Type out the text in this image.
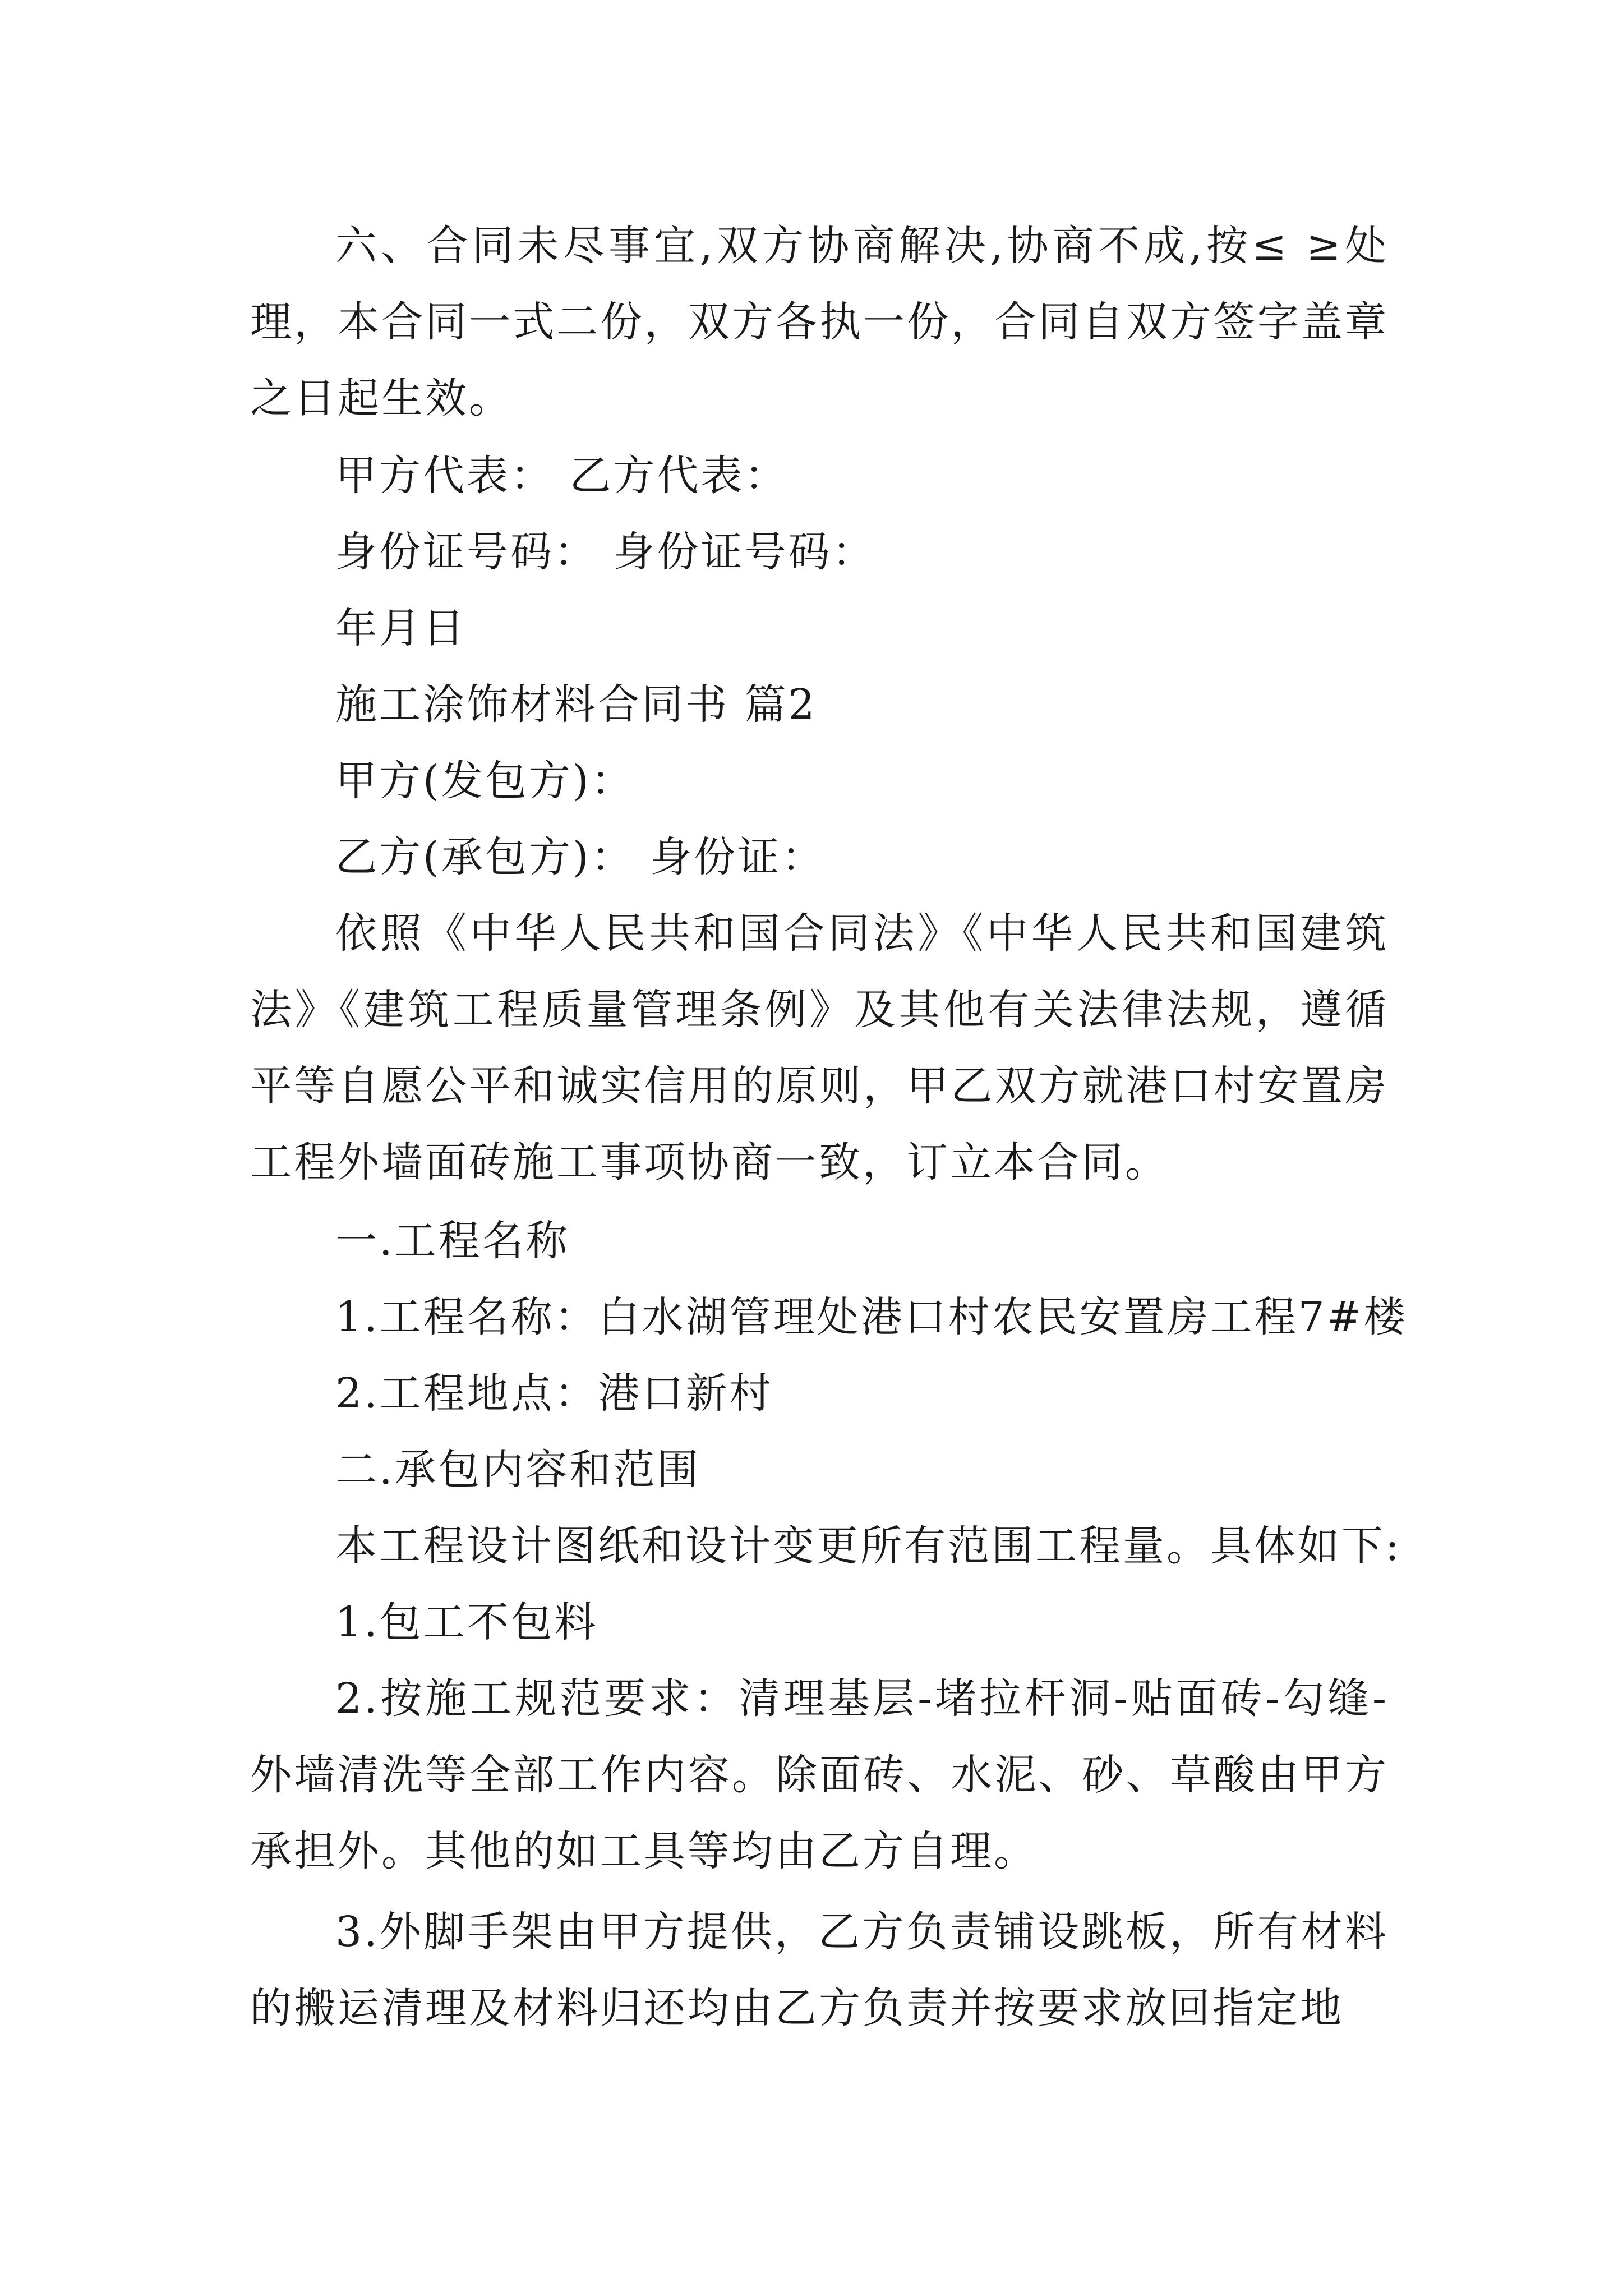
六、合同未尽事宜,双方协商解决,协商不成,按≤ ≥处理，本合同一式二份，双方各执一份，合同自双方签字盖章之日起生效。

甲方代表： 乙方代表：

身份证号码： 身份证号码：

年月日

施工涂饰材料合同书 篇2

甲方(发包方)：

乙方(承包方)： 身份证：

依照《中华人民共和国合同法》《中华人民共和国建筑法》《建筑工程质量管理条例》及其他有关法律法规，遵循平等自愿公平和诚实信用的原则，甲乙双方就港口村安置房工程外墙面砖施工事项协商一致，订立本合同。

一.工程名称

1.工程名称：白水湖管理处港口村农民安置房工程7#楼

2.工程地点：港口新村

二.承包内容和范围

本工程设计图纸和设计变更所有范围工程量。具体如下:

1.包工不包料

2.按施工规范要求：清理基层-堵拉杆洞-贴面砖-勾缝-外墙清洗等全部工作内容。除面砖、水泥、砂、草酸由甲方承担外。其他的如工具等均由乙方自理。

3.外脚手架由甲方提供，乙方负责铺设跳板，所有材料的搬运清理及材料归还均由乙方负责并按要求放回指定地
